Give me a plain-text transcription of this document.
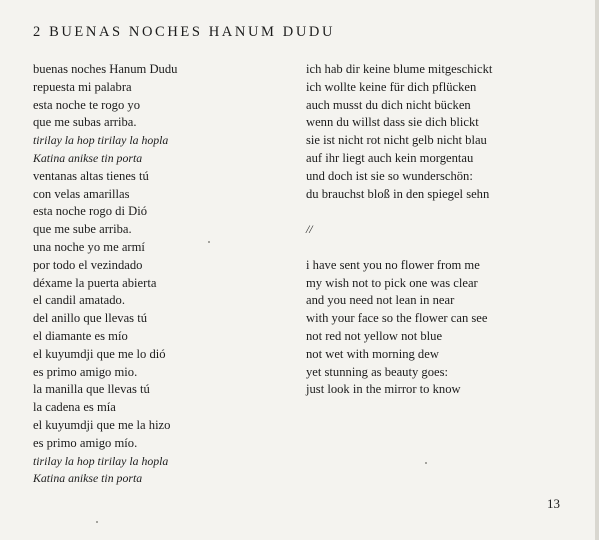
2 BUENAS NOCHES HANUM DUDU
buenas noches Hanum Dudu
repuesta mi palabra
esta noche te rogo yo
que me subas arriba.
tirilay la hop tirilay la hopla
Katina anikse tin porta
ventanas altas tienes tú
con velas amarillas
esta noche rogo di Dió
que me sube arriba.
una noche yo me armí
por todo el vezindado
déxame la puerta abierta
el candil amatado.
del anillo que llevas tú
el diamante es mío
el kuyumdji que me lo dió
es primo amigo mio.
la manilla que llevas tú
la cadena es mía
el kuyumdji que me la hizo
es primo amigo mío.
tirilay la hop tirilay la hopla
Katina anikse tin porta
ich hab dir keine blume mitgeschickt
ich wollte keine für dich pflücken
auch musst du dich nicht bücken
wenn du willst dass sie dich blickt
sie ist nicht rot nicht gelb nicht blau
auf ihr liegt auch kein morgentau
und doch ist sie so wunderschön:
du brauchst bloß in den spiegel sehn
//
i have sent you no flower from me
my wish not to pick one was clear
and you need not lean in near
with your face so the flower can see
not red not yellow not blue
not wet with morning dew
yet stunning as beauty goes:
just look in the mirror to know
13
